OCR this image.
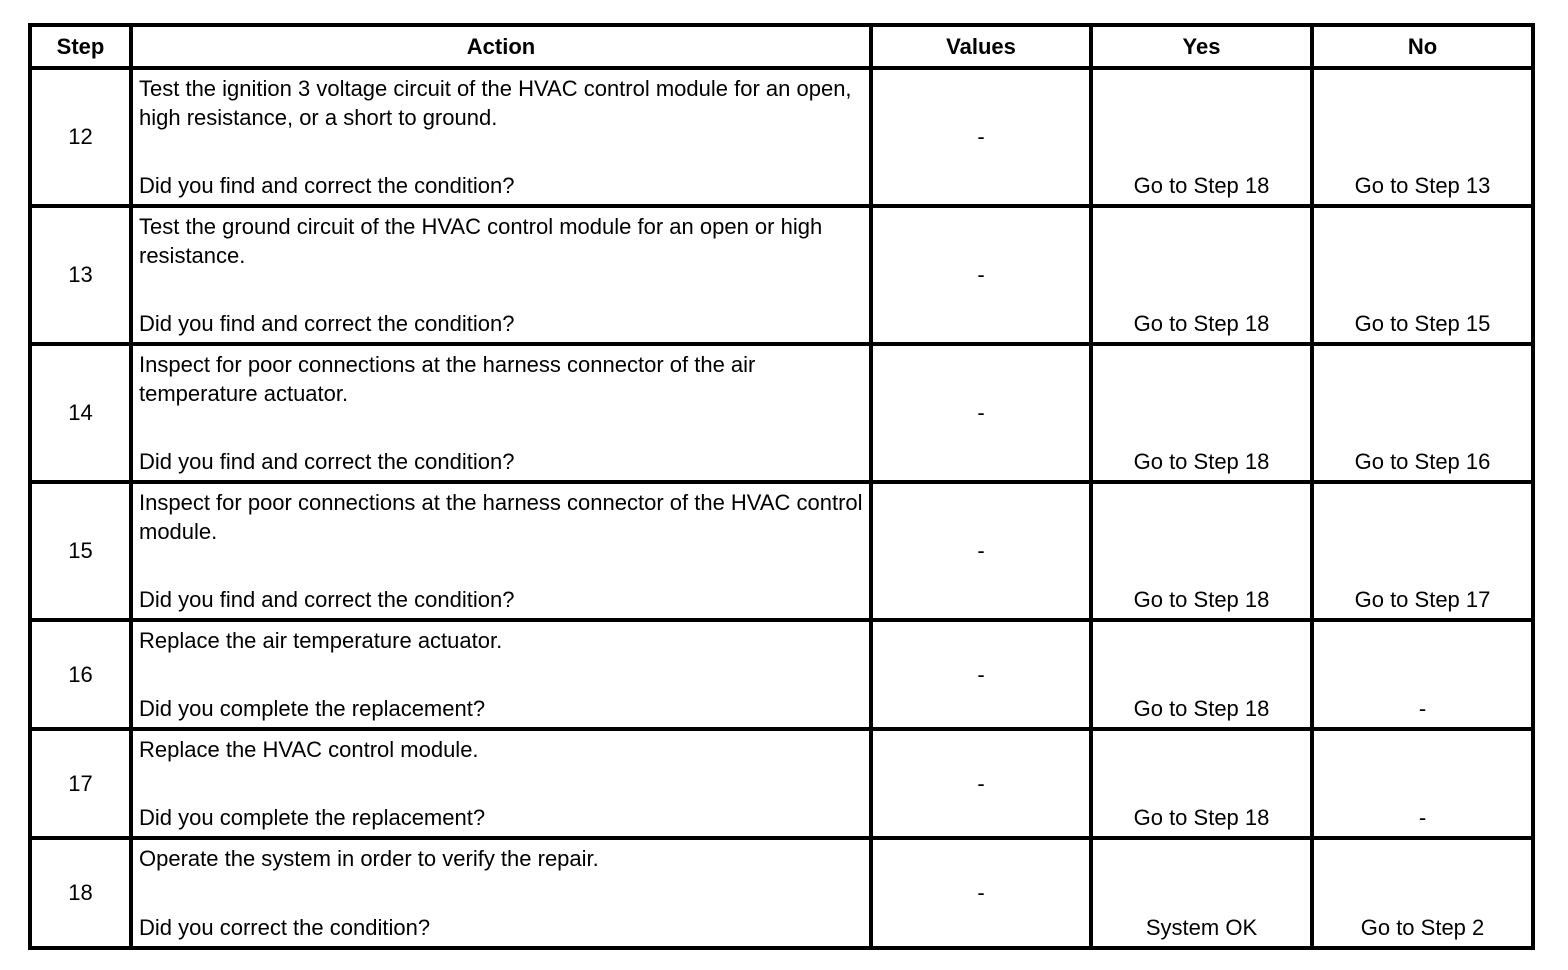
Step	Action	Values	Yes	No
12	Test the ignition 3 voltage circuit of the HVAC control module for an open, high resistance, or a short to ground.
Did you find and correct the condition?	-	Go to Step 18	Go to Step 13

13	Test the ground circuit of the HVAC control module for an open or high resistance.
Did you find and correct the condition?	-	Go to Step 18	Go to Step 15

14	Inspect for poor connections at the harness connector of the air temperature actuator.
Did you find and correct the condition?	-	Go to Step 18	Go to Step 16

15	Inspect for poor connections at the harness connector of the HVAC control module.
Did you find and correct the condition?	-	Go to Step 18	Go to Step 17

16	Replace the air temperature actuator.
Did you complete the replacement?	-	Go to Step 18	-

17	Replace the HVAC control module.
Did you complete the replacement?	-	Go to Step 18	-

18	Operate the system in order to verify the repair.
Did you correct the condition?	-	System OK	Go to Step 2
